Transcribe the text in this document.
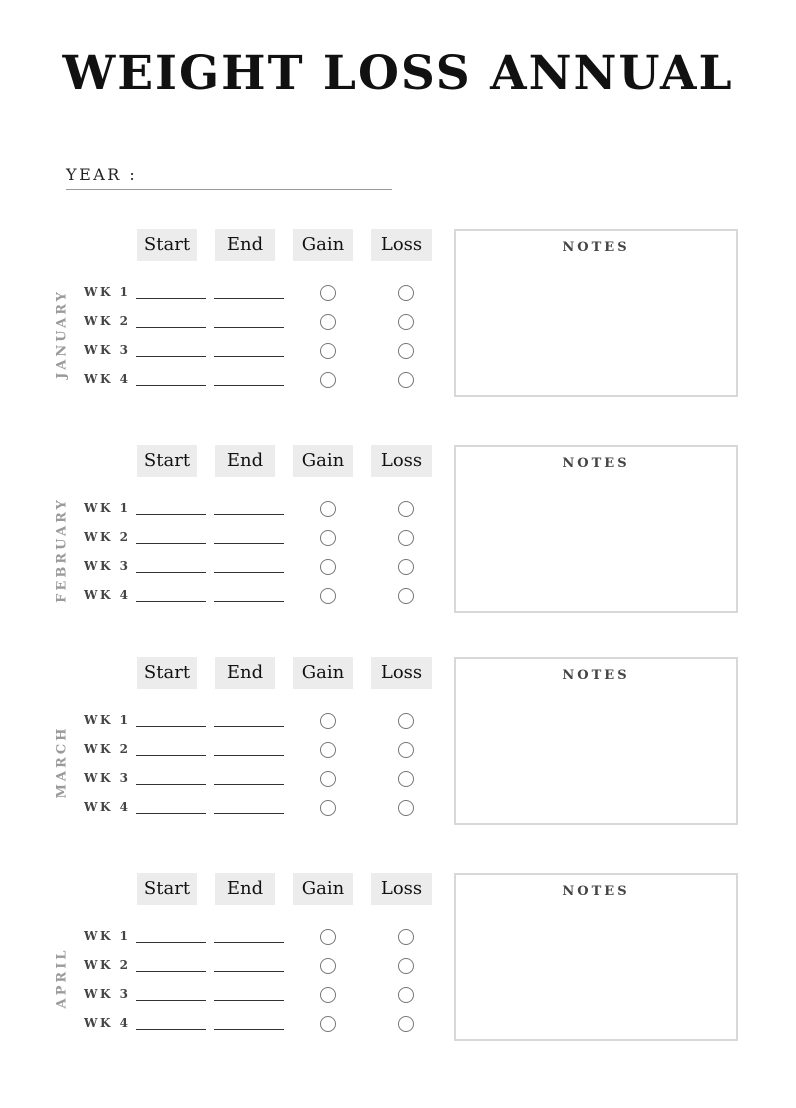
WEIGHT LOSS ANNUAL
YEAR :
JANUARY
Start	End	Gain	Loss
WK 1
WK 2
WK 3
WK 4
NOTES
FEBRUARY
Start	End	Gain	Loss
WK 1
WK 2
WK 3
WK 4
NOTES
MARCH
Start	End	Gain	Loss
WK 1
WK 2
WK 3
WK 4
NOTES
APRIL
Start	End	Gain	Loss
WK 1
WK 2
WK 3
WK 4
NOTES
